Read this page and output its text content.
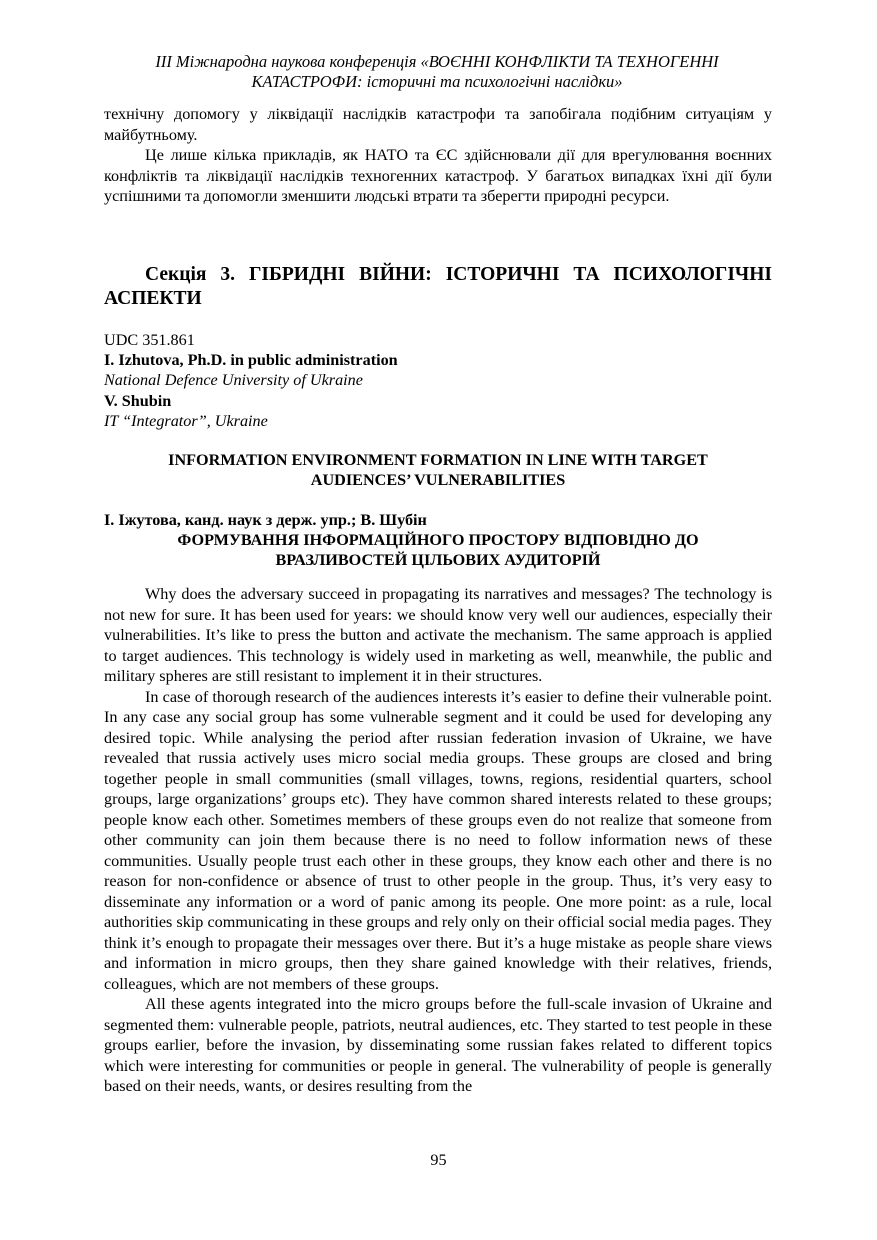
III Міжнародна наукова конференція «ВОЄННІ КОНФЛІКТИ ТА ТЕХНОГЕННІ
КАТАСТРОФИ: історичні та психологічні наслідки»

технічну допомогу у ліквідації наслідків катастрофи та запобігала подібним ситуаціям у майбутньому.

Це лише кілька прикладів, як НАТО та ЄС здійснювали дії для врегулювання воєнних конфліктів та ліквідації наслідків техногенних катастроф. У багатьох випадках їхні дії були успішними та допомогли зменшити людські втрати та зберегти природні ресурси.

Секція 3. ГІБРИДНІ ВІЙНИ: ІСТОРИЧНІ ТА ПСИХОЛОГІЧНІ АСПЕКТИ
UDC 351.861
I. Izhutova, Ph.D. in public administration
National Defence University of Ukraine
V. Shubin
IT “Integrator”, Ukraine
INFORMATION ENVIRONMENT FORMATION IN LINE WITH TARGET AUDIENCES’ VULNERABILITIES
І. Іжутова, канд. наук з держ. упр.; В. Шубін
ФОРМУВАННЯ ІНФОРМАЦІЙНОГО ПРОСТОРУ ВІДПОВІДНО ДО ВРАЗЛИВОСТЕЙ ЦІЛЬОВИХ АУДИТОРІЙ

Why does the adversary succeed in propagating its narratives and messages? The technology is not new for sure. It has been used for years: we should know very well our audiences, especially their vulnerabilities. It’s like to press the button and activate the mechanism. The same approach is applied to target audiences. This technology is widely used in marketing as well, meanwhile, the public and military spheres are still resistant to implement it in their structures.

In case of thorough research of the audiences interests it’s easier to define their vulnerable point. In any case any social group has some vulnerable segment and it could be used for developing any desired topic. While analysing the period after russian federation invasion of Ukraine, we have revealed that russia actively uses micro social media groups. These groups are closed and bring together people in small communities (small villages, towns, regions, residential quarters, school groups, large organizations’ groups etc). They have common shared interests related to these groups; people know each other. Sometimes members of these groups even do not realize that someone from other community can join them because there is no need to follow information news of these communities. Usually people trust each other in these groups, they know each other and there is no reason for non-confidence or absence of trust to other people in the group. Thus, it’s very easy to disseminate any information or a word of panic among its people. One more point: as a rule, local authorities skip communicating in these groups and rely only on their official social media pages. They think it’s enough to propagate their messages over there. But it’s a huge mistake as people share views and information in micro groups, then they share gained knowledge with their relatives, friends, colleagues, which are not members of these groups.

All these agents integrated into the micro groups before the full-scale invasion of Ukraine and segmented them: vulnerable people, patriots, neutral audiences, etc. They started to test people in these groups earlier, before the invasion, by disseminating some russian fakes related to different topics which were interesting for communities or people in general. The vulnerability of people is generally based on their needs, wants, or desires resulting from the

95
